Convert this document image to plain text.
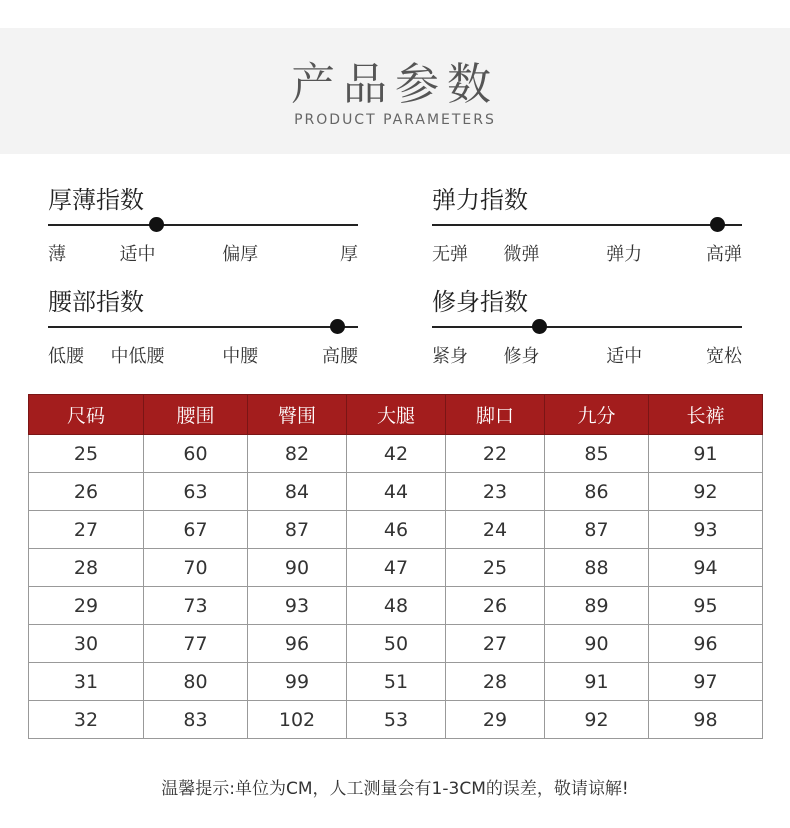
产品参数
PRODUCT PARAMETERS
厚薄指数
薄	适中	偏厚	厚
弹力指数
无弹 微弹	弹力	高弹
腰部指数
低腰 中低腰	中腰	高腰
修身指数
紧身 修身	适中	宽松
尺码	腰围	臀围	大腿	脚口	九分	长裤
25	60	82	42	22	85	91
26	63	84	44	23	86	92
27	67	87	46	24	87	93
28	70	90	47	25	88	94
29	73	93	48	26	89	95
30	77	96	50	27	90	96
31	80	99	51	28	91	97
32	83	102	53	29	92	98
温馨提示:单位为CM，人工测量会有1-3CM的误差，敬请谅解!
